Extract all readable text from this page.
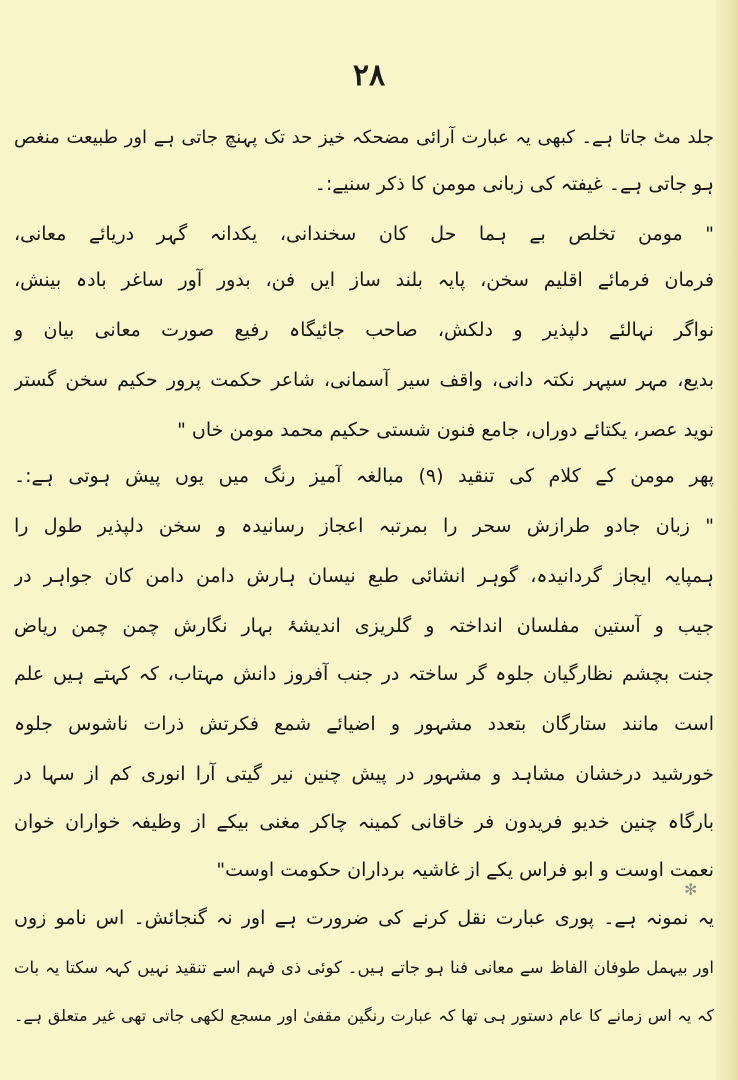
۲۸
جلد مٹ جاتا ہے۔ کبھی یہ عبارت آرائی مضحکہ خیز حد تک پہنچ جاتی ہے اور طبیعت منغص
ہو جاتی ہے۔ غیفتہ کی زبانی مومن کا ذکر سنیے:۔
" مومن تخلص بے ہما حل کان سخندانی، یکدانہ گہر دریائے معانی،
فرمان فرمائے اقلیم سخن، پایہ بلند ساز ایں فن، بدور آور ساغر بادہ بینش،
نواگر نہالئے دلپذیر و دلکش، صاحب جائیگاہ رفیع صورت معانی بیان و
بدیع، مہر سپہر نکتہ دانی، واقف سیر آسمانی، شاعر حکمت پرور حکیم سخن گستر
نوید عصر، یکتائے دوراں، جامع فنون شستی حکیم محمد مومن خاں "
پھر مومن کے کلام کی تنقید (۹) مبالغہ آمیز رنگ میں یوں پیش ہوتی ہے:۔
" زبان جادو طرازش سحر را بمرتبہ اعجاز رسانیدہ و سخن دلپذیر طول را
ہمپایہ ایجاز گردانیدہ، گوہر انشائی طبع نیسان ہارش دامن دامن کان جواہر در
جیب و آستین مفلسان انداختہ و گلریزی اندیشۂ بہار نگارش چمن چمن ریاض
جنت بچشم نظارگیان جلوہ گر ساختہ در جنب آفروز دانش مہتاب، کہ کہتے ہیں علم
است مانند ستارگان بتعدد مشہور و اضیائے شمع فکرتش ذرات ناشوس جلوہ
خورشید درخشان مشاہد و مشہور در پیش چنین نیر گیتی آرا انوری کم از سہا در
بارگاہ چنین خدیو فریدون فر خاقانی کمینہ چاکر مغنی بیکے از وظیفہ خواران خوان
نعمت اوست و ابو فراس یکے از غاشیہ برداران حکومت اوست"
یہ نمونہ ہے۔ پوری عبارت نقل کرنے کی ضرورت ہے اور نہ گنجائش۔ اس نامو زوں
اور بیہمل طوفان الفاظ سے معانی فنا ہو جاتے ہیں۔ کوئی ذی فہم اسے تنقید نہیں کہہ سکتا یہ بات
کہ یہ اس زمانے کا عام دستور ہی تھا کہ عبارت رنگین مقفیٰ اور مسجع لکھی جاتی تھی غیر متعلق ہے۔
✻
